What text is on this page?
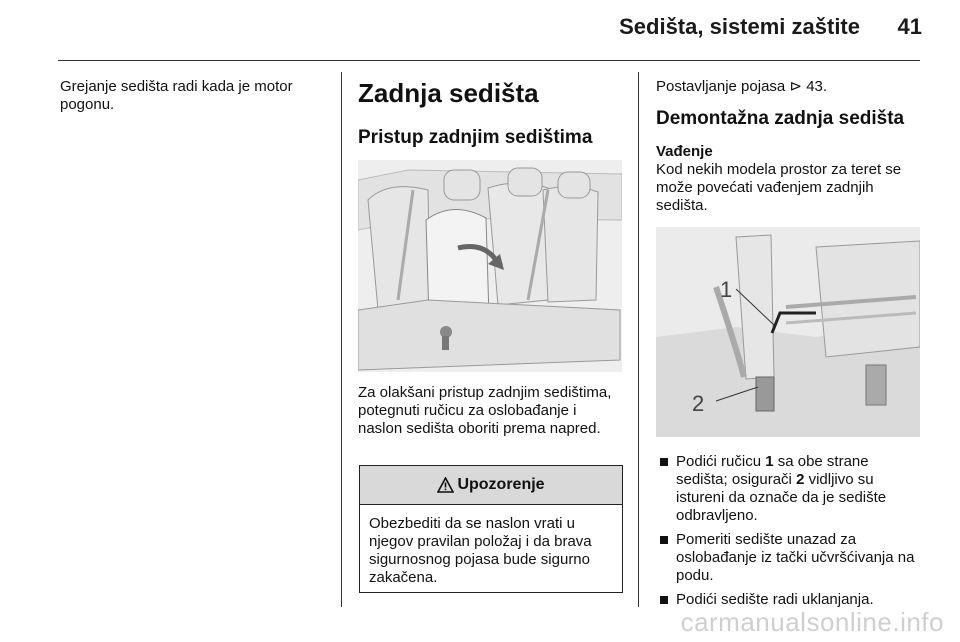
Sedišta, sistemi zaštite 41

Grejanje sedišta radi kada je motor pogonu.	Zadnja sedišta
Pristup zadnjim sedištima

Za olakšani pristup zadnjim sedištima, potegnuti ručicu za oslobađanje i naslon sedišta oboriti prema napred.

Upozorenje
Obezbediti da se naslon vrati u njegov pravilan položaj i da brava sigurnosnog pojasa bude sigurno zakačena.

Postavljanje pojasa ⊳ 43.

Demontažna zadnja sedišta
Vađenje

Kod nekih modela prostor za teret se može povećati vađenjem zadnjih sedišta.

1
2
Podići ručicu 1 sa obe strane sedišta; osigurači 2 vidljivo su istureni da označe da je sedište odbravljeno.
Pomeriti sedište unazad za oslobađanje iz tački učvršćivanja na podu.
Podići sedište radi uklanjanja.
carmanualsonline.info
